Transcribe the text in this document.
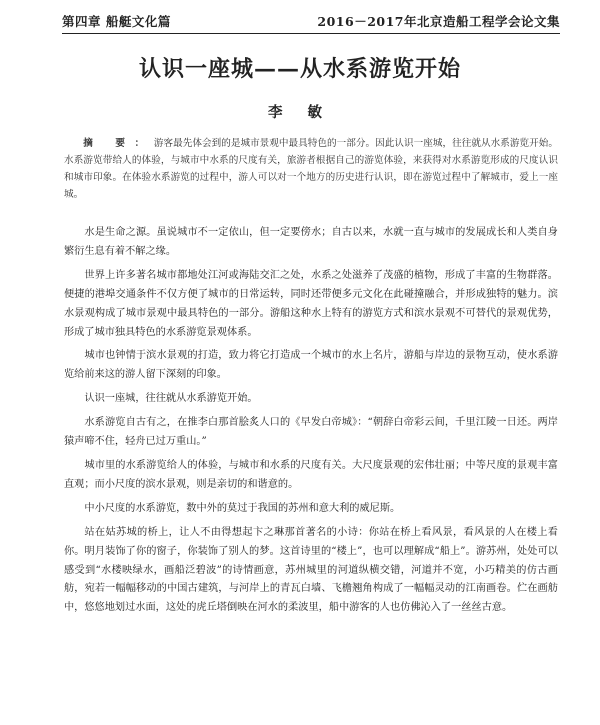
第四章 船艇文化篇	2016－2017年北京造船工程学会论文集
认识一座城——从水系游览开始
李 敏
摘 要：游客最先体会到的是城市景观中最具特色的一部分。因此认识一座城，往往就从水系游览开始。水系游览带给人的体验，与城市中水系的尺度有关，旅游者根据自己的游览体验，来获得对水系游览形成的尺度认识和城市印象。在体验水系游览的过程中，游人可以对一个地方的历史进行认识，即在游览过程中了解城市，爱上一座城。

水是生命之源。虽说城市不一定依山，但一定要傍水；自古以来，水就一直与城市的发展成长和人类自身繁衍生息有着不解之缘。

世界上许多著名城市都地处江河或海陆交汇之处，水系之处滋养了茂盛的植物，形成了丰富的生物群落。便捷的港埠交通条件不仅方便了城市的日常运转，同时还带便多元文化在此碰撞融合，并形成独特的魅力。滨水景观构成了城市景观中最具特色的一部分。游船这种水上特有的游览方式和滨水景观不可替代的景观优势，形成了城市独具特色的水系游览景观体系。

城市也钟情于滨水景观的打造，致力将它打造成一个城市的水上名片，游船与岸边的景物互动，使水系游览给前来这的游人留下深刻的印象。

认识一座城，往往就从水系游览开始。

水系游览自古有之，在推李白那首脍炙人口的《早发白帝城》：“朝辞白帝彩云间，千里江陵一日还。两岸猿声啼不住，轻舟已过万重山。”

城市里的水系游览给人的体验，与城市和水系的尺度有关。大尺度景观的宏伟壮丽；中等尺度的景观丰富直观；而小尺度的滨水景观，则是亲切的和谐意的。

中小尺度的水系游览，数中外的莫过于我国的苏州和意大利的威尼斯。

站在姑苏城的桥上，让人不由得想起卞之琳那首著名的小诗：你站在桥上看风景，看风景的人在楼上看你。明月装饰了你的窗子，你装饰了别人的梦。这首诗里的“楼上”，也可以理解成“船上”。游苏州，处处可以感受到“水楼映绿水，画船泛碧波”的诗情画意，苏州城里的河道纵横交错，河道并不宽，小巧精美的仿古画舫，宛若一幅幅移动的中国古建筑，与河岸上的青瓦白墙、飞檐翘角构成了一幅幅灵动的江南画卷。伫在画舫中，悠悠地划过水面，这处的虎丘塔倒映在河水的柔波里，船中游客的人也仿佛沁入了一丝丝古意。
